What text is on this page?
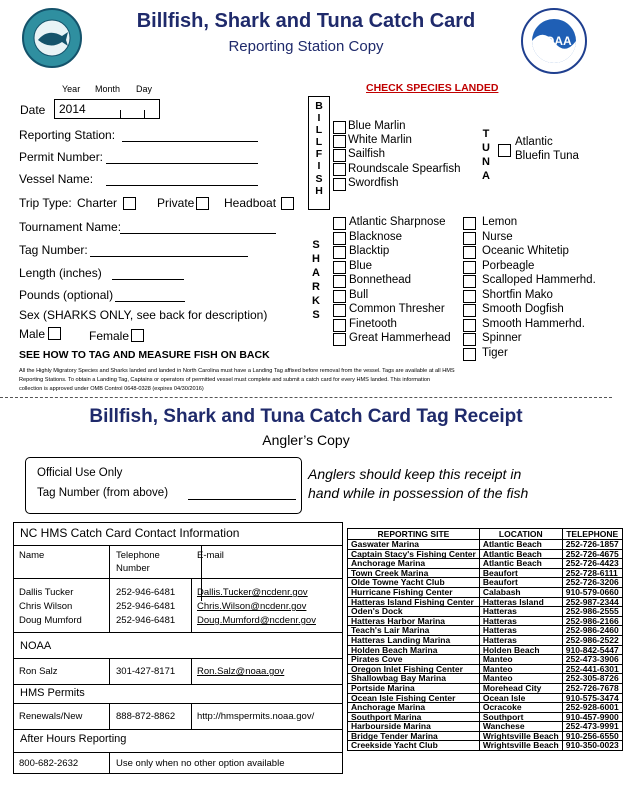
NOAA
Billfish, Shark and Tuna Catch Card
Reporting Station Copy
Year Month Day
Date 2014
Reporting Station:
Permit Number:
Vessel Name:
Trip Type: Charter	Private Headboat
Tournament Name:
Tag Number:
Length (inches)
Pounds (optional)
Sex (SHARKS ONLY, see back for description)
Male	Female
SEE HOW TO TAG AND MEASURE FISH ON BACK
CHECK SPECIES LANDED
B
I
L
L
F
I
S
H
Blue Marlin
White Marlin
Sailfish
Roundscale Spearfish
Swordfish
T
U
N
A
Atlantic
Bluefin Tuna
S
H
A
R
K
S
Atlantic Sharpnose
Blacknose
Blacktip
Blue
Bonnethead
Bull
Common Thresher
Finetooth
Great Hammerhead
Lemon
Nurse
Oceanic Whitetip
Porbeagle
Scalloped Hammerhd.
Shortfin Mako
Smooth Dogfish
Smooth Hammerhd.
Spinner
Tiger
All the Highly Migratory Species and Sharks landed and landed in North Carolina must have a Landing Tag affixed before removal from the vessel. Tags are available at all HMS
Reporting Stations. To obtain a Landing Tag, Captains or operators of permitted vessel must complete and submit a catch card for every HMS landed. This information
collection is approved under OMB Control 0648-0328 (expires 04/30/2016)
Billfish, Shark and Tuna Catch Card Tag Receipt
Angler’s Copy
Official Use Only
Tag Number (from above)
Anglers should keep this receipt in
hand while in possession of the fish
NC HMS Catch Card Contact Information
Name	Telephone
Number
E-mail
Dallis Tucker	252-946-6481 Dallis.Tucker@ncdenr.gov
Chris Wilson	252-946-6481 Chris.Wilson@ncdenr.gov
Doug Mumford	252-946-6481 Doug.Mumford@ncdenr.gov
NOAA
Ron Salz	301-427-8171 Ron.Salz@noaa.gov
HMS Permits
Renewals/New	888-872-8862 http://hmspermits.noaa.gov/
After Hours Reporting
800-682-2632	Use only when no other option available
REPORTING SITE	LOCATION	TELEPHONE
Gaswater Marina	Atlantic Beach	252-726-1857
Captain Stacy's Fishing Center	Atlantic Beach	252-726-4675
Anchorage Marina	Atlantic Beach	252-726-4423
Town Creek Marina	Beaufort	252-728-6111
Olde Towne Yacht Club	Beaufort	252-726-3206
Hurricane Fishing Center	Calabash	910-579-0660
Hatteras Island Fishing Center	Hatteras Island	252-987-2344
Oden's Dock	Hatteras	252-986-2555
Hatteras Harbor Marina	Hatteras	252-986-2166
Teach's Lair Marina	Hatteras	252-986-2460
Hatteras Landing Marina	Hatteras	252-986-2522
Holden Beach Marina	Holden Beach	910-842-5447
Pirates Cove	Manteo	252-473-3906
Oregon Inlet Fishing Center	Manteo	252-441-6301
Shallowbag Bay Marina	Manteo	252-305-8726
Portside Marina	Morehead City	252-726-7678
Ocean Isle Fishing Center	Ocean Isle	910-575-3474
Anchorage Marina	Ocracoke	252-928-6001
Southport Marina	Southport	910-457-9900
Harbourside Marina	Wanchese	252-473-9991
Bridge Tender Marina	Wrightsville Beach	910-256-6550
Creekside Yacht Club	Wrightsville Beach	910-350-0023
